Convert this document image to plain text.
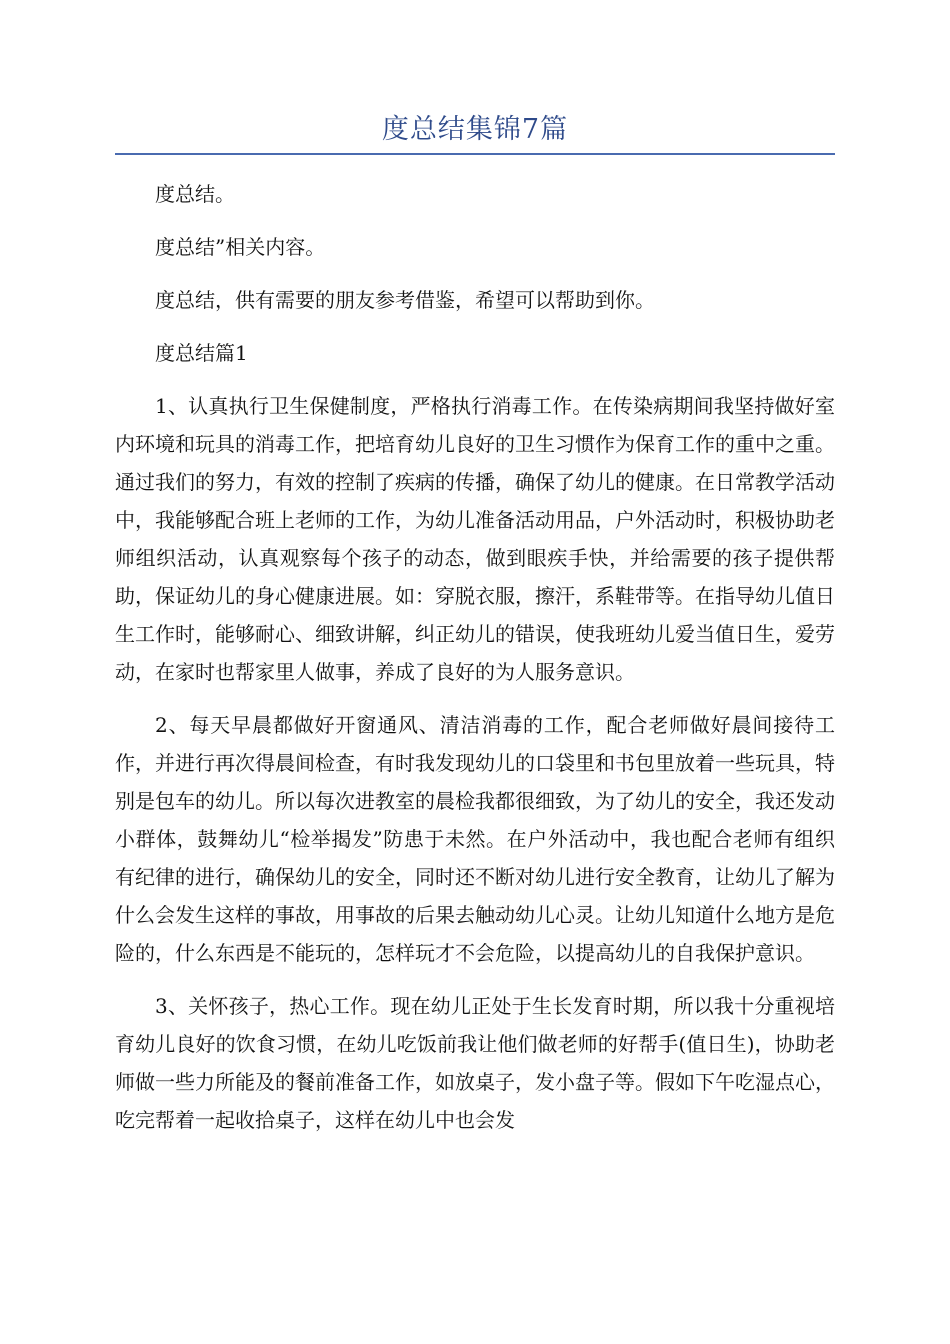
度总结集锦7篇

度总结。

度总结”相关内容。

度总结，供有需要的朋友参考借鉴，希望可以帮助到你。

度总结篇1

1、认真执行卫生保健制度，严格执行消毒工作。在传染病期间我坚持做好室内环境和玩具的消毒工作，把培育幼儿良好的卫生习惯作为保育工作的重中之重。通过我们的努力，有效的控制了疾病的传播，确保了幼儿的健康。在日常教学活动中，我能够配合班上老师的工作，为幼儿准备活动用品，户外活动时，积极协助老师组织活动，认真观察每个孩子的动态，做到眼疾手快，并给需要的孩子提供帮助，保证幼儿的身心健康进展。如：穿脱衣服，擦汗，系鞋带等。在指导幼儿值日生工作时，能够耐心、细致讲解，纠正幼儿的错误，使我班幼儿爱当值日生，爱劳动，在家时也帮家里人做事，养成了良好的为人服务意识。

2、每天早晨都做好开窗通风、清洁消毒的工作，配合老师做好晨间接待工作，并进行再次得晨间检查，有时我发现幼儿的口袋里和书包里放着一些玩具，特别是包车的幼儿。所以每次进教室的晨检我都很细致，为了幼儿的安全，我还发动小群体，鼓舞幼儿“检举揭发”防患于未然。在户外活动中，我也配合老师有组织有纪律的进行，确保幼儿的安全，同时还不断对幼儿进行安全教育，让幼儿了解为什么会发生这样的事故，用事故的后果去触动幼儿心灵。让幼儿知道什么地方是危险的，什么东西是不能玩的，怎样玩才不会危险，以提高幼儿的自我保护意识。

3、关怀孩子，热心工作。现在幼儿正处于生长发育时期，所以我十分重视培育幼儿良好的饮食习惯，在幼儿吃饭前我让他们做老师的好帮手(值日生)，协助老师做一些力所能及的餐前准备工作，如放桌子，发小盘子等。假如下午吃湿点心，吃完帮着一起收拾桌子，这样在幼儿中也会发
